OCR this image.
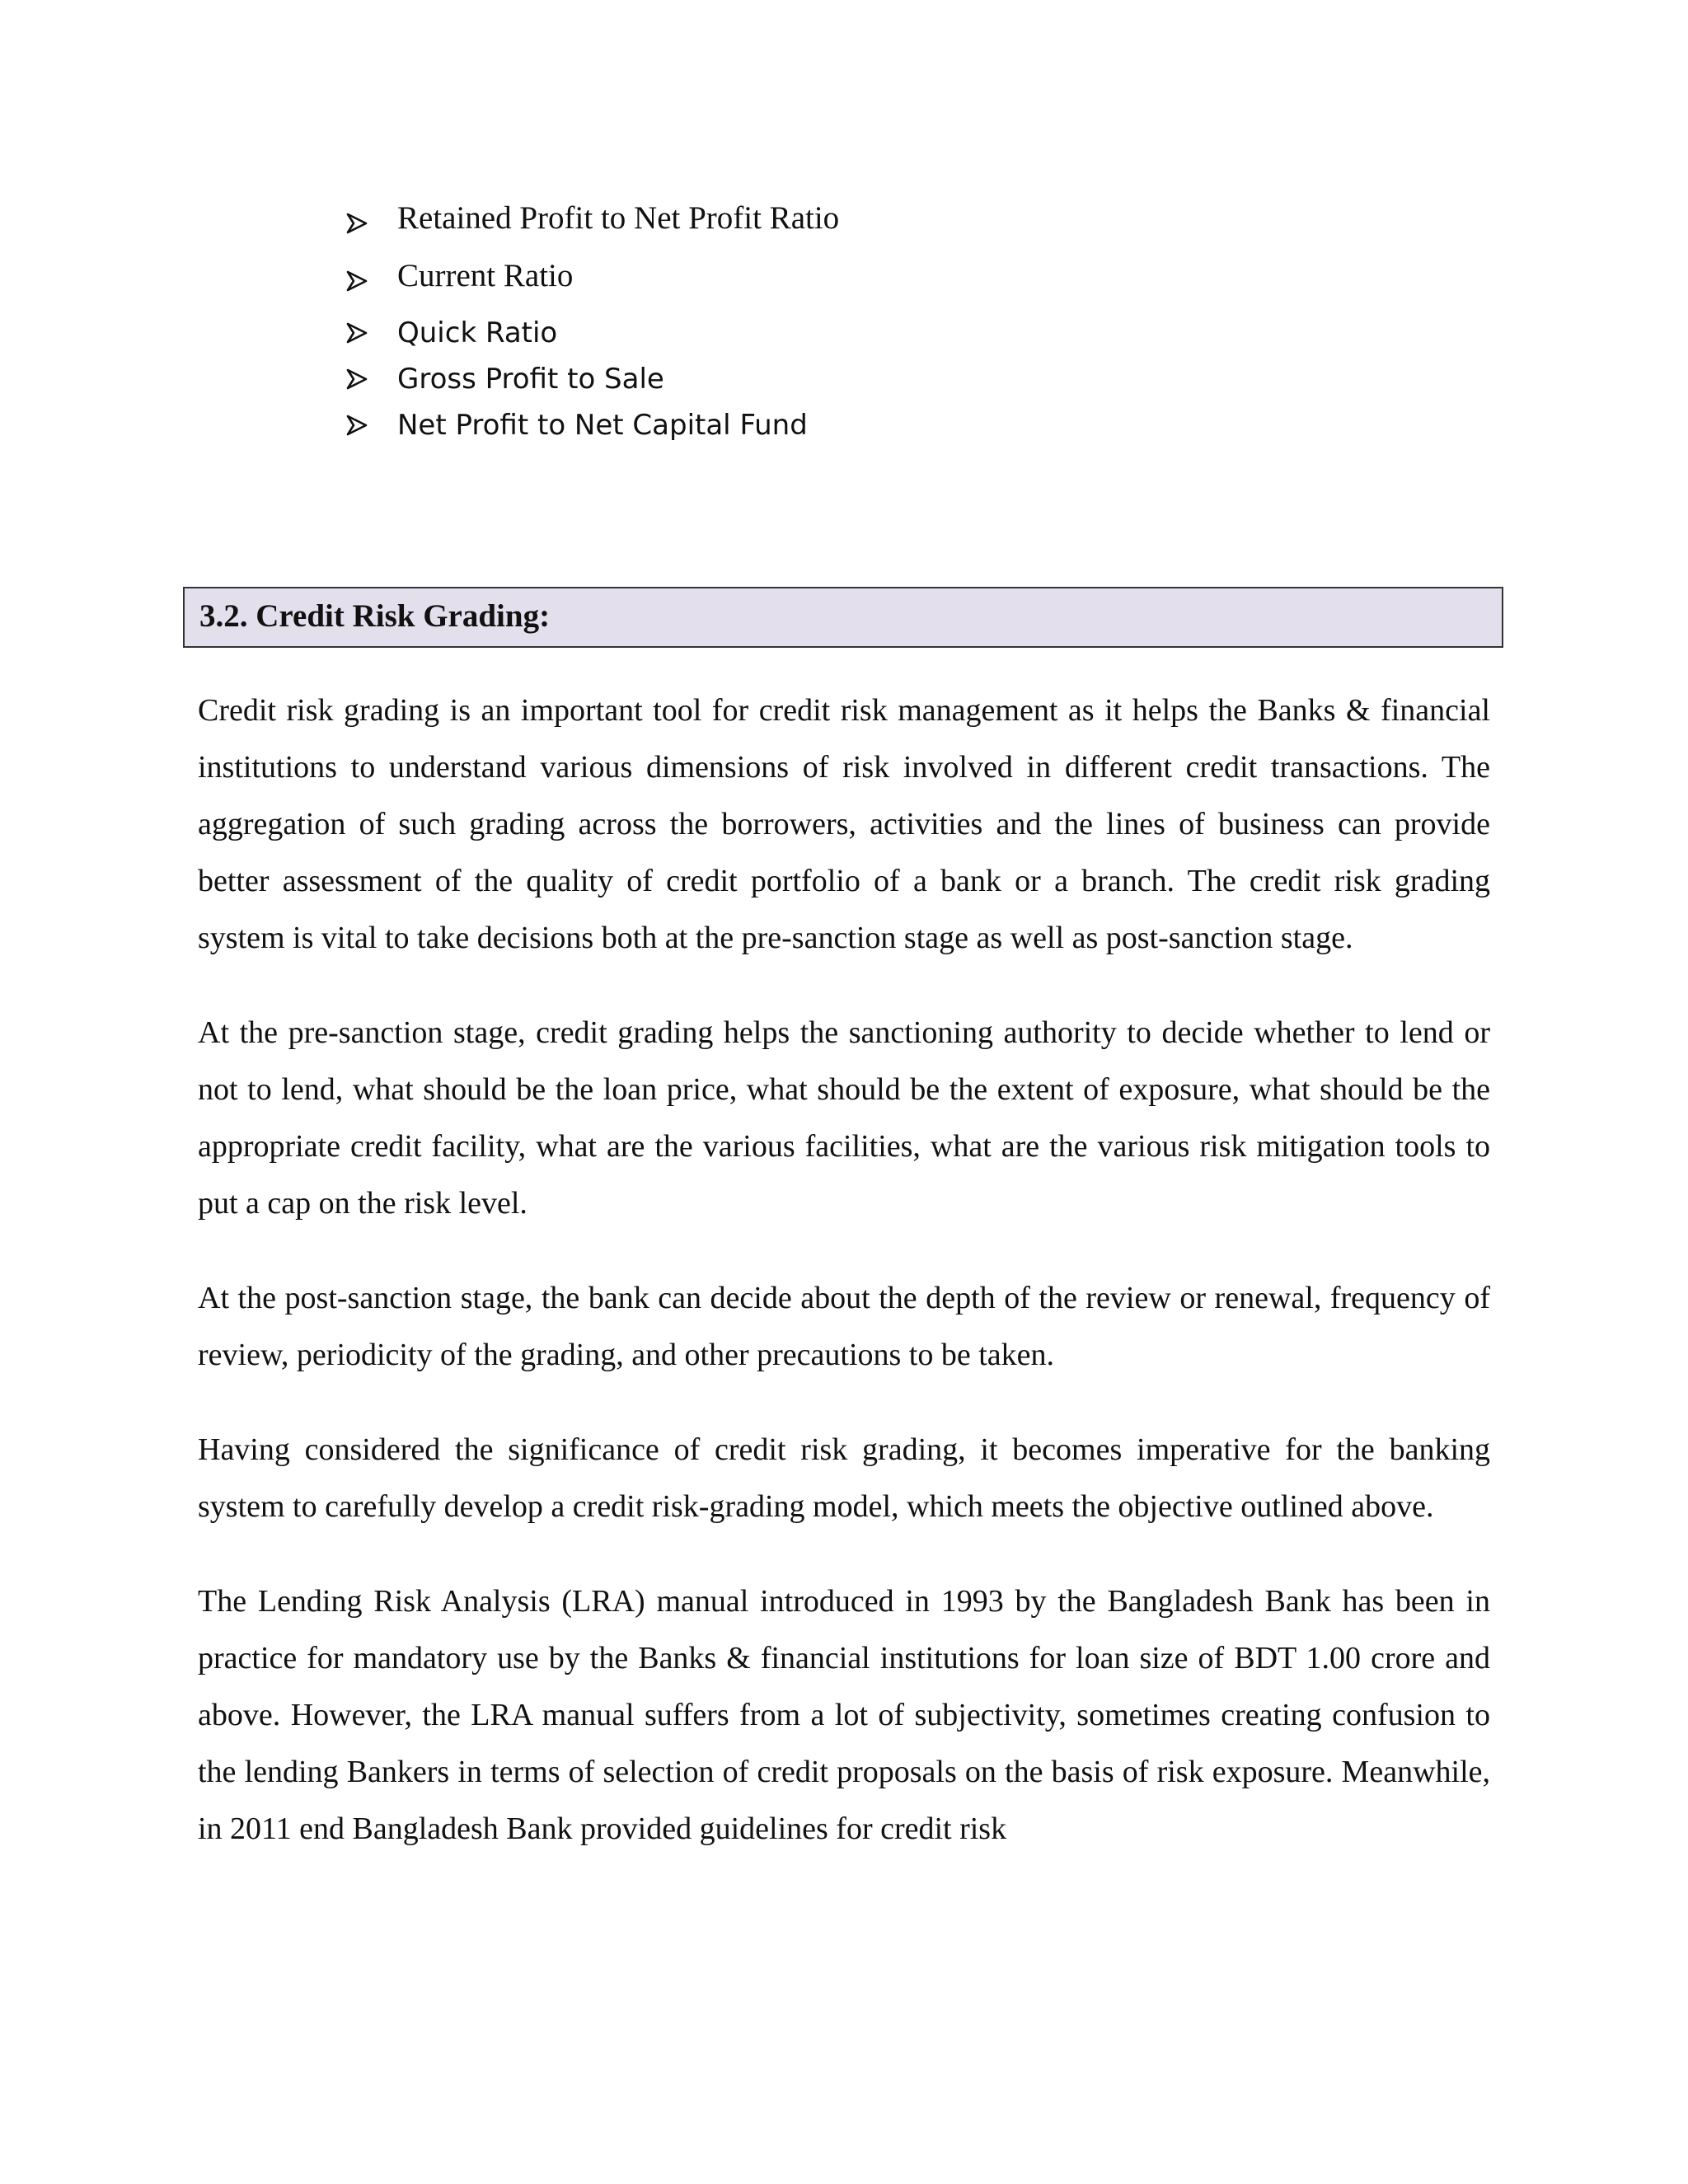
Retained Profit to Net Profit Ratio
Current Ratio
Quick Ratio
Gross Profit to Sale
Net Profit to Net Capital Fund
3.2. Credit Risk Grading:

Credit risk grading is an important tool for credit risk management as it helps the Banks & financial institutions to understand various dimensions of risk involved in different credit transactions. The aggregation of such grading across the borrowers, activities and the lines of business can provide better assessment of the quality of credit portfolio of a bank or a branch. The credit risk grading system is vital to take decisions both at the pre-sanction stage as well as post-sanction stage.

At the pre-sanction stage, credit grading helps the sanctioning authority to decide whether to lend or not to lend, what should be the loan price, what should be the extent of exposure, what should be the appropriate credit facility, what are the various facilities, what are the various risk mitigation tools to put a cap on the risk level.

At the post-sanction stage, the bank can decide about the depth of the review or renewal, frequency of review, periodicity of the grading, and other precautions to be taken.

Having considered the significance of credit risk grading, it becomes imperative for the banking system to carefully develop a credit risk-grading model, which meets the objective outlined above.

The Lending Risk Analysis (LRA) manual introduced in 1993 by the Bangladesh Bank has been in practice for mandatory use by the Banks & financial institutions for loan size of BDT 1.00 crore and above. However, the LRA manual suffers from a lot of subjectivity, sometimes creating confusion to the lending Bankers in terms of selection of credit proposals on the basis of risk exposure. Meanwhile, in 2011 end Bangladesh Bank provided guidelines for credit risk
